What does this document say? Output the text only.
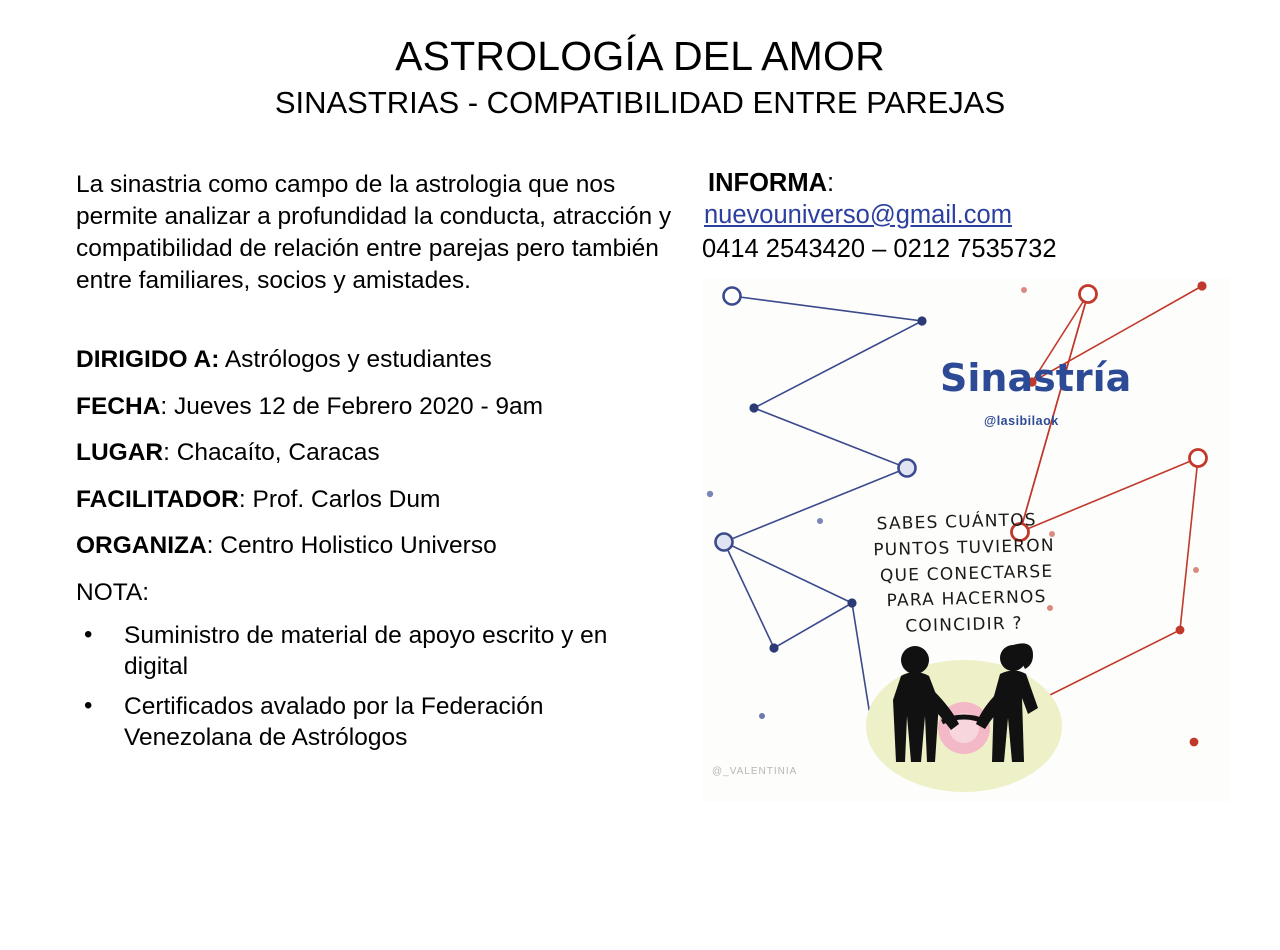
ASTROLOGÍA DEL AMOR
SINASTRIAS - COMPATIBILIDAD ENTRE PAREJAS

La sinastria como campo de la astrologia que nos permite analizar a profundidad la conducta, atracción y compatibilidad de relación entre parejas pero también entre familiares, socios y amistades.

DIRIGIDO A: Astrólogos y estudiantes
FECHA: Jueves 12 de Febrero 2020 - 9am
LUGAR: Chacaíto, Caracas
FACILITADOR: Prof. Carlos Dum
ORGANIZA: Centro Holistico Universo
NOTA:
• Suministro de material de apoyo escrito y en digital
• Certificados avalado por la Federación Venezolana de Astrólogos
INFORMA:
nuevouniverso@gmail.com
0414 2543420 – 0212 7535732
Sinastría
@lasibilaok
SABES CUÁNTOS
PUNTOS TUVIERON
QUE CONECTARSE
PARA HACERNOS
COINCIDIR ?
@_VALENTINIA
